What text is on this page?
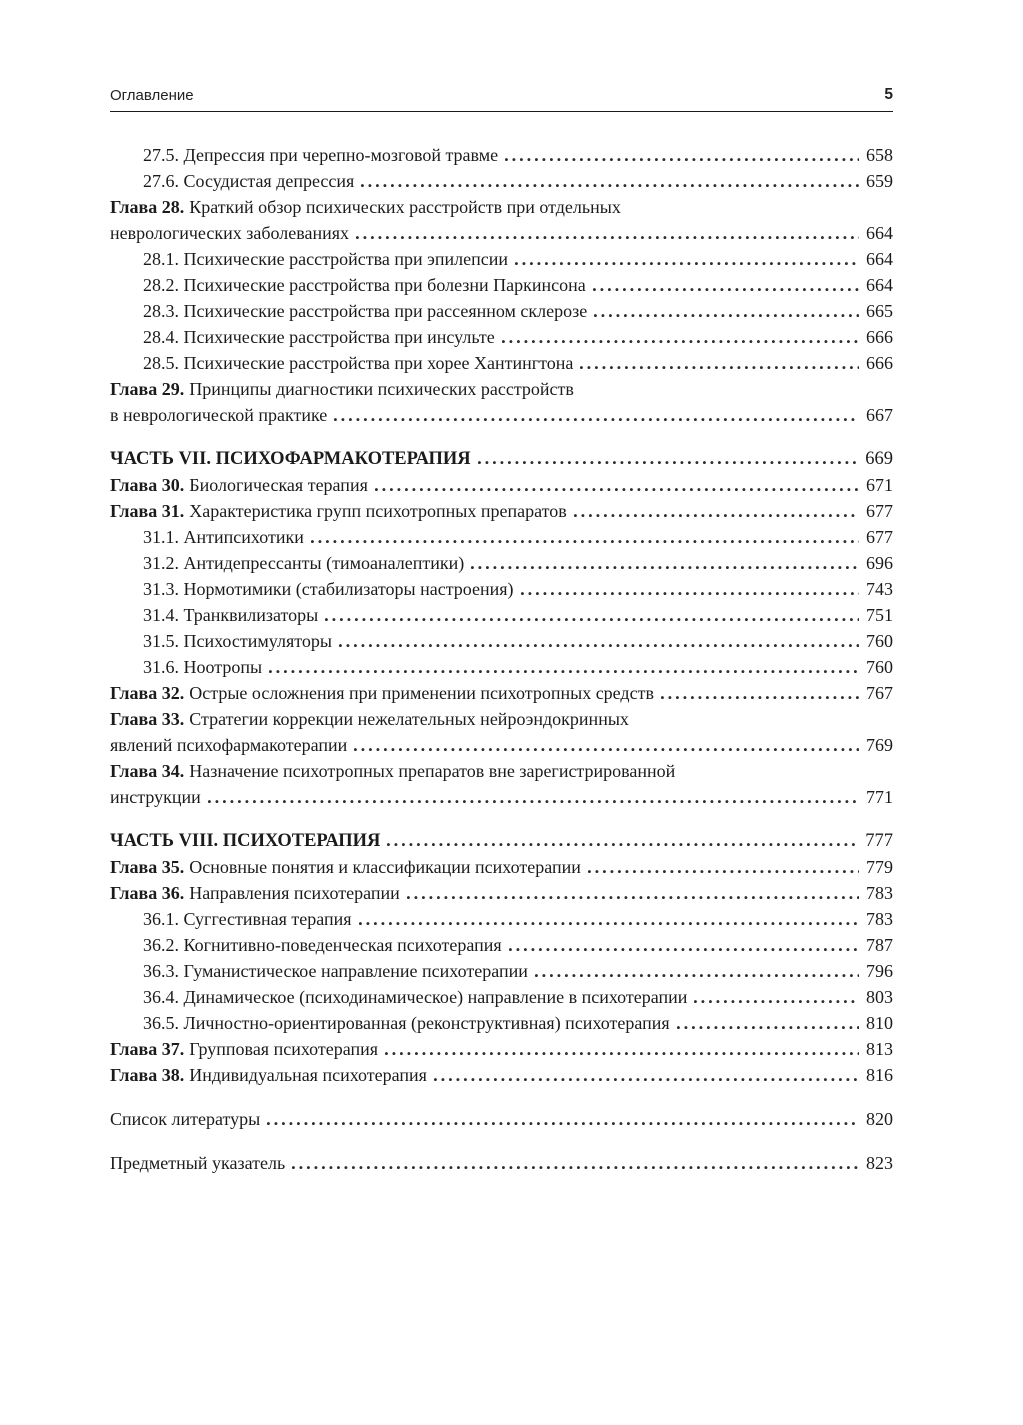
Оглавление	5
27.5. Депрессия при черепно-мозговой травме	658
27.6. Сосудистая депрессия	659
Глава 28. Краткий обзор психических расстройств при отдельных
неврологических заболеваниях	664
28.1. Психические расстройства при эпилепсии	664
28.2. Психические расстройства при болезни Паркинсона	664
28.3. Психические расстройства при рассеянном склерозе	665
28.4. Психические расстройства при инсульте	666
28.5. Психические расстройства при хорее Хантингтона	666
Глава 29. Принципы диагностики психических расстройств
в неврологической практике	667
ЧАСТЬ VII. ПСИХОФАРМАКОТЕРАПИЯ	669
Глава 30. Биологическая терапия	671
Глава 31. Характеристика групп психотропных препаратов	677
31.1. Антипсихотики	677
31.2. Антидепрессанты (тимоаналептики)	696
31.3. Нормотимики (стабилизаторы настроения)	743
31.4. Транквилизаторы	751
31.5. Психостимуляторы	760
31.6. Ноотропы	760
Глава 32. Острые осложнения при применении психотропных средств	767
Глава 33. Стратегии коррекции нежелательных нейроэндокринных
явлений психофармакотерапии	769
Глава 34. Назначение психотропных препаратов вне зарегистрированной
инструкции	771
ЧАСТЬ VIII. ПСИХОТЕРАПИЯ	777
Глава 35. Основные понятия и классификации психотерапии	779
Глава 36. Направления психотерапии	783
36.1. Суггестивная терапия	783
36.2. Когнитивно-поведенческая психотерапия	787
36.3. Гуманистическое направление психотерапии	796
36.4. Динамическое (психодинамическое) направление в психотерапии	803
36.5. Личностно-ориентированная (реконструктивная) психотерапия	810
Глава 37. Групповая психотерапия	813
Глава 38. Индивидуальная психотерапия	816
Список литературы	820
Предметный указатель	823
